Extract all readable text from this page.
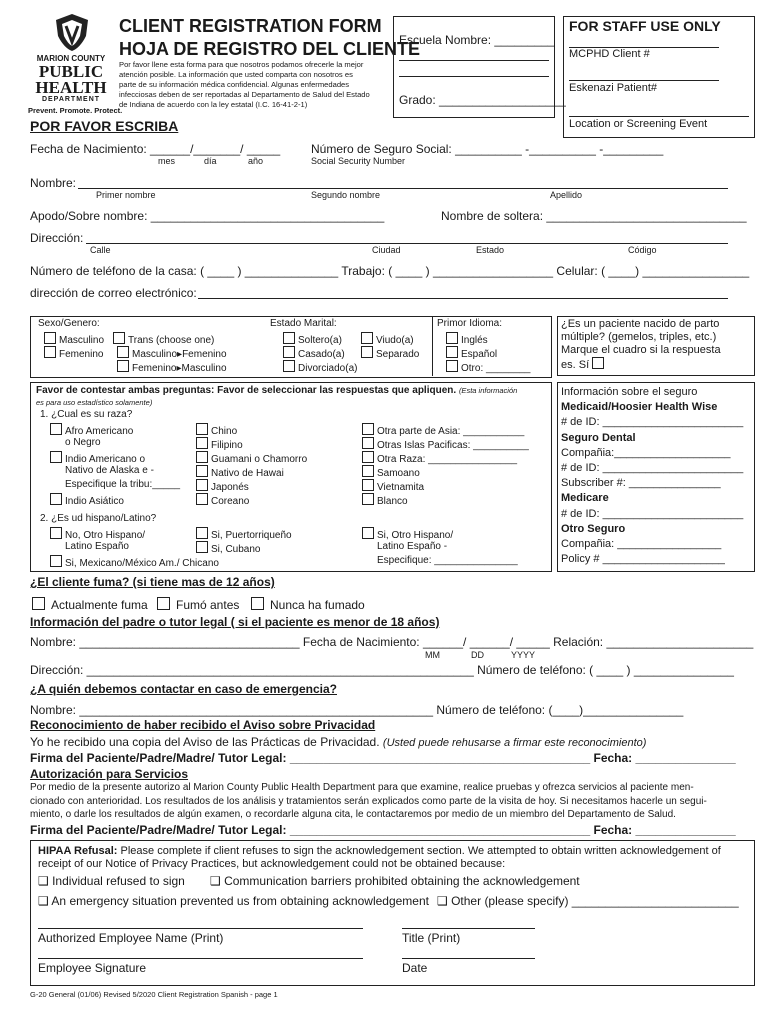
MARION COUNTY
PUBLIC
HEALTH
DEPARTMENT
Prevent. Promote. Protect.
CLIENT REGISTRATION FORM
HOJA DE REGISTRO DEL CLIENTE
Por favor llene esta forma para que nosotros podamos ofrecerle la mejor
atención posible. La información que usted comparta con nosotros es
parte de su información médica confidencial. Algunas enfermedades
infecciosas deben de ser reportadas al Departamento de Salud del Estado
de Indiana de acuerdo con la ley estatal (I.C. 16-41-2-1)
Escuela Nombre: _________
Grado: ___________________
FOR STAFF USE ONLY
MCPHD Client #
Eskenazi Patient#
Location or Screening Event
POR FAVOR ESCRIBA
Fecha de Nacimiento: ______/_______/ _____
mes	día	año
Número de Seguro Social: __________ -__________ -_________
Social Security Number
Nombre:
Primer nombre	Segundo nombre	Apellido
Apodo/Sobre nombre: ___________________________________	Nombre de soltera: ______________________________
Dirección:
Calle	Ciudad	Estado	Código
Número de teléfono de la casa: ( ____ ) ______________ Trabajo: ( ____ ) __________________ Celular: ( ____) ________________
dirección de correo electrónico:
Sexo/Genero:
Masculino	Trans (choose one)
Femenino	Masculino▸Femenino
Femenino▸Masculino
Estado Marital:
Soltero(a)	Viudo(a)
Casado(a)	Separado
Divorciado(a)
Primor Idioma:
Inglés
Español
Otro: ________
¿Es un paciente nacido de parto
múltiple? (gemelos, triples, etc.)
Marque el cuadro si la respuesta
es. Sí
Favor de contestar ambas preguntas: Favor de seleccionar las respuestas que apliquen. (Esta información
es para uso estadístico solamente)
1. ¿Cual es su raza?
Afro Americano
o Negro
Indio Americano o
Nativo de Alaska e -
Especifique la tribu:_____
Indio Asiático
Chino
Filipino
Guamani o Chamorro
Nativo de Hawai
Japonés
Coreano
Otra parte de Asia: ___________
Otras Islas Pacificas: __________
Otra Raza: ________________
Samoano
Vietnamita
Blanco
2. ¿Es ud hispano/Latino?
No, Otro Hispano/
Latino Españo
Si, Mexicano/México Am./ Chicano
Si, Puertorriqueño
Si, Cubano
Si, Otro Hispano/
Latino Españo -
Especifique: _______________
Información sobre el seguro
Medicaid/Hoosier Health Wise
# de ID: _______________________
Seguro Dental
Compañia:___________________
# de ID: _______________________
Subscriber #: _______________
Medicare
# de ID: _______________________
Otro Seguro
Compañia: _________________
Policy # ____________________
¿El cliente fuma? (si tiene mas de 12 años)
Actualmente fuma	Fumó antes	Nunca ha fumado
Información del padre o tutor legal ( si el paciente es menor de 18 años)
Nombre: _________________________________ Fecha de Nacimiento: ______/ ______/ _____ Relación: ______________________
MM	DD	YYYY
Dirección: __________________________________________________________ Número de teléfono: ( ____ ) _______________
¿A quién debemos contactar en caso de emergencia?
Nombre: _____________________________________________________ Número de teléfono: (____)_______________
Reconocimiento de haber recibido el Aviso sobre Privacidad
Yo he recibido una copia del Aviso de las Prácticas de Privacidad. (Usted puede rehusarse a firmar este reconocimiento)
Firma del Paciente/Padre/Madre/ Tutor Legal: _____________________________________________ Fecha: _______________
Autorización para Servicios
Por medio de la presente autorizo al Marion County Public Health Department para que examine, realice pruebas y ofrezca servicios al paciente men-
cionado con anterioridad. Los resultados de los análisis y tratamientos serán explicados como parte de la visita de hoy. Si necesitamos hacerle un segui-
miento, o darle los resultados de algún examen, o recordarle alguna cita, le contactaremos por medio de un miembro del Departamento de Salud.
Firma del Paciente/Padre/Madre/ Tutor Legal: _____________________________________________ Fecha: _______________
HIPAA Refusal: Please complete if client refuses to sign the acknowledgement section. We attempted to obtain written acknowledgement of
receipt of our Notice of Privacy Practices, but acknowledgement could not be obtained because:
❑ Individual refused to sign ❑ Communication barriers prohibited obtaining the acknowledgement
❑ An emergency situation prevented us from obtaining acknowledgement ❑ Other (please specify) _________________________
Authorized Employee Name (Print)	Title (Print)
Employee Signature	Date
G-20 General (01/06) Revised 5/2020 Client Registration Spanish - page 1
